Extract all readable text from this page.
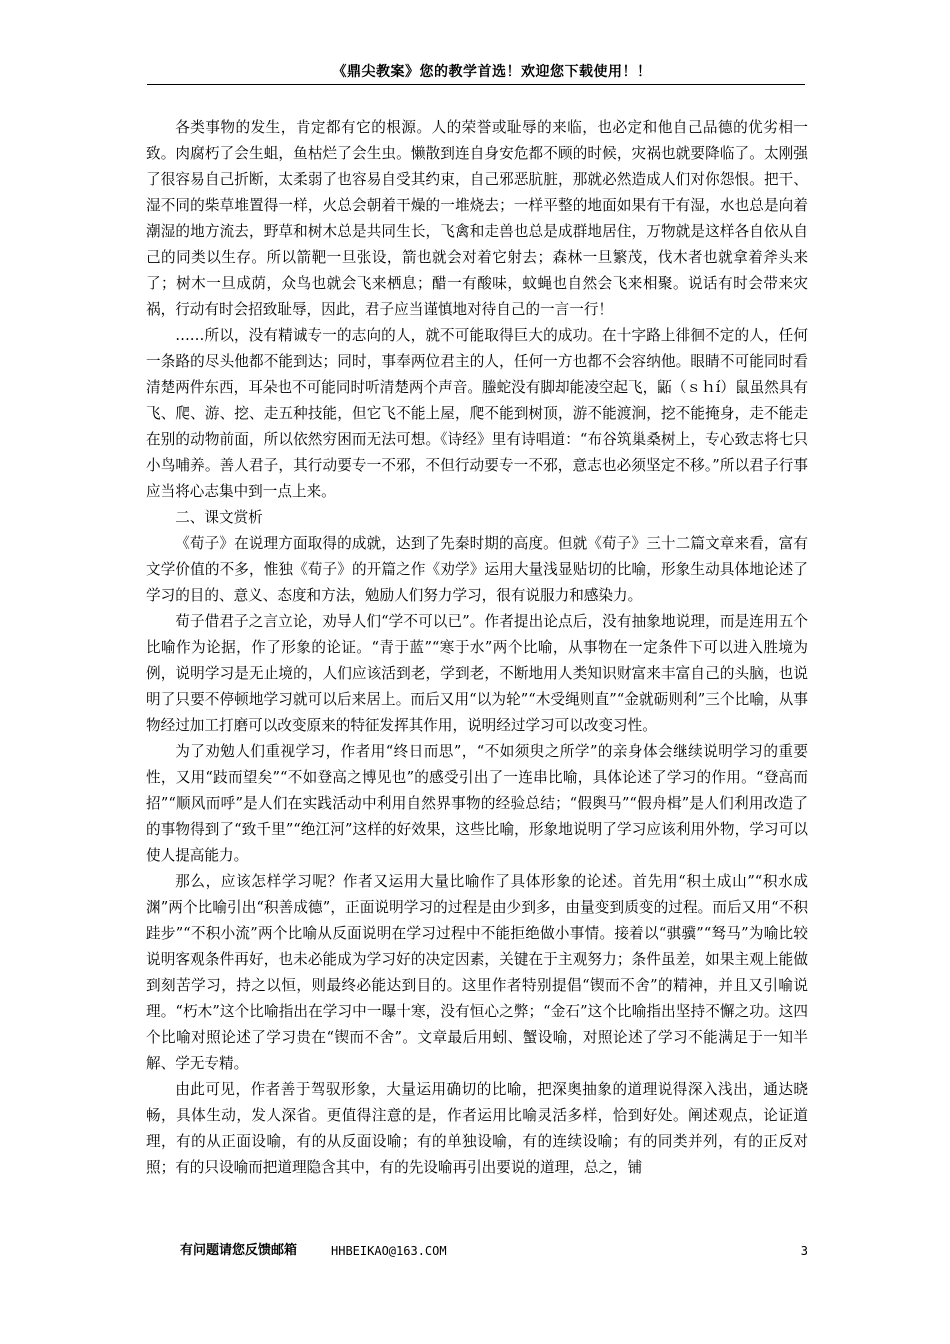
《鼎尖教案》您的教学首选！欢迎您下载使用！！

各类事物的发生，肯定都有它的根源。人的荣誉或耻辱的来临，也必定和他自己品德的优劣相一致。肉腐朽了会生蛆，鱼枯烂了会生虫。懒散到连自身安危都不顾的时候，灾祸也就要降临了。太刚强了很容易自己折断，太柔弱了也容易自受其约束，自己邪恶肮脏，那就必然造成人们对你怨恨。把干、湿不同的柴草堆置得一样，火总会朝着干燥的一堆烧去；一样平整的地面如果有干有湿，水也总是向着潮湿的地方流去，野草和树木总是共同生长，飞禽和走兽也总是成群地居住，万物就是这样各自依从自己的同类以生存。所以箭靶一旦张设，箭也就会对着它射去；森林一旦繁茂，伐木者也就拿着斧头来了；树木一旦成荫，众鸟也就会飞来栖息；醋一有酸味，蚊蝇也自然会飞来相聚。说话有时会带来灾祸，行动有时会招致耻辱，因此，君子应当谨慎地对待自己的一言一行！

……所以，没有精诚专一的志向的人，就不可能取得巨大的成功。在十字路上徘徊不定的人，任何一条路的尽头他都不能到达；同时，事奉两位君主的人，任何一方也都不会容纳他。眼睛不可能同时看清楚两件东西，耳朵也不可能同时听清楚两个声音。螣蛇没有脚却能凌空起飞，鼫（ｓｈí）鼠虽然具有飞、爬、游、挖、走五种技能，但它飞不能上屋，爬不能到树顶，游不能渡涧，挖不能掩身，走不能走在别的动物前面，所以依然穷困而无法可想。《诗经》里有诗唱道：“布谷筑巢桑树上，专心致志将七只小鸟哺养。善人君子，其行动要专一不邪，不但行动要专一不邪，意志也必须坚定不移。”所以君子行事应当将心志集中到一点上来。

二、课文赏析

《荀子》在说理方面取得的成就，达到了先秦时期的高度。但就《荀子》三十二篇文章来看，富有文学价值的不多，惟独《荀子》的开篇之作《劝学》运用大量浅显贴切的比喻，形象生动具体地论述了学习的目的、意义、态度和方法，勉励人们努力学习，很有说服力和感染力。

荀子借君子之言立论，劝导人们“学不可以已”。作者提出论点后，没有抽象地说理，而是连用五个比喻作为论据，作了形象的论证。“青于蓝”“寒于水”两个比喻，从事物在一定条件下可以进入胜境为例，说明学习是无止境的，人们应该活到老，学到老，不断地用人类知识财富来丰富自己的头脑，也说明了只要不停顿地学习就可以后来居上。而后又用“以为轮”“木受绳则直”“金就砺则利”三个比喻，从事物经过加工打磨可以改变原来的特征发挥其作用，说明经过学习可以改变习性。

为了劝勉人们重视学习，作者用“终日而思”，“不如须臾之所学”的亲身体会继续说明学习的重要性，又用“跂而望矣”“不如登高之博见也”的感受引出了一连串比喻，具体论述了学习的作用。“登高而招”“顺风而呼”是人们在实践活动中利用自然界事物的经验总结；“假舆马”“假舟楫”是人们利用改造了的事物得到了“致千里”“绝江河”这样的好效果，这些比喻，形象地说明了学习应该利用外物，学习可以使人提高能力。

那么，应该怎样学习呢？作者又运用大量比喻作了具体形象的论述。首先用“积土成山”“积水成渊”两个比喻引出“积善成德”，正面说明学习的过程是由少到多，由量变到质变的过程。而后又用“不积跬步”“不积小流”两个比喻从反面说明在学习过程中不能拒绝做小事情。接着以“骐骥”“驽马”为喻比较说明客观条件再好，也未必能成为学习好的决定因素，关键在于主观努力；条件虽差，如果主观上能做到刻苦学习，持之以恒，则最终必能达到目的。这里作者特别提倡“锲而不舍”的精神，并且又引喻说理。“朽木”这个比喻指出在学习中一曝十寒，没有恒心之弊；“金石”这个比喻指出坚持不懈之功。这四个比喻对照论述了学习贵在“锲而不舍”。文章最后用蚓、蟹设喻，对照论述了学习不能满足于一知半解、学无专精。

由此可见，作者善于驾驭形象，大量运用确切的比喻，把深奥抽象的道理说得深入浅出，通达晓畅，具体生动，发人深省。更值得注意的是，作者运用比喻灵活多样，恰到好处。阐述观点，论证道理，有的从正面设喻，有的从反面设喻；有的单独设喻，有的连续设喻；有的同类并列，有的正反对照；有的只设喻而把道理隐含其中，有的先设喻再引出要说的道理，总之，铺

有问题请您反馈邮箱	HHBEIKAO@163.COM	3
